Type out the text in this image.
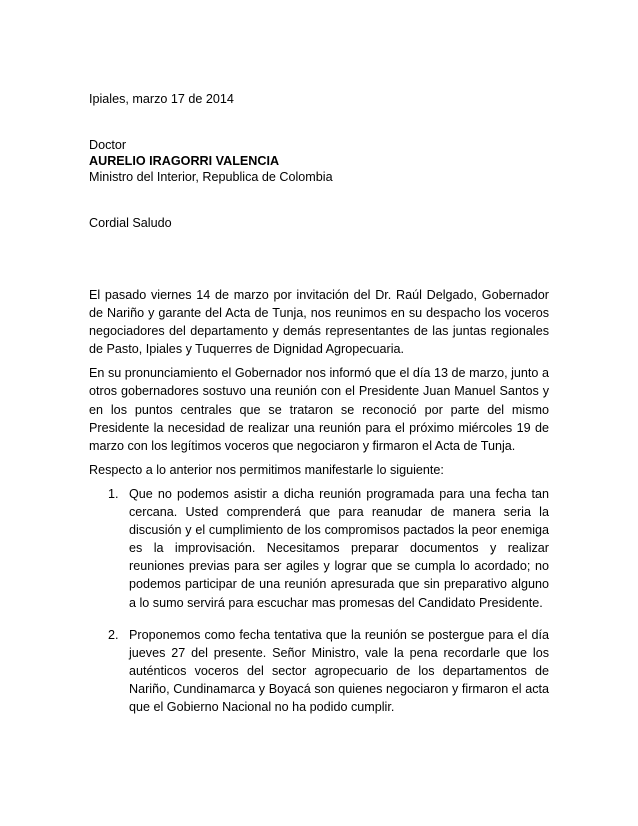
Ipiales, marzo 17 de 2014
Doctor
AURELIO IRAGORRI VALENCIA
Ministro del Interior, Republica de Colombia
Cordial Saludo

El pasado viernes 14 de marzo por invitación del Dr. Raúl Delgado, Gobernador de Nariño y garante del Acta de Tunja, nos reunimos en su despacho los voceros negociadores del departamento y demás representantes de las juntas regionales de Pasto, Ipiales y Tuquerres de Dignidad Agropecuaria.

En su pronunciamiento el Gobernador nos informó que el día 13 de marzo, junto a otros gobernadores sostuvo una reunión con el Presidente Juan Manuel Santos y en los puntos centrales que se trataron se reconoció por parte del mismo Presidente la necesidad de realizar una reunión para el próximo miércoles 19 de marzo con los legítimos voceros que negociaron y firmaron el Acta de Tunja.

Respecto a lo anterior nos permitimos manifestarle lo siguiente:

1. Que no podemos asistir a dicha reunión programada para una fecha tan cercana. Usted comprenderá que para reanudar de manera seria la discusión y el cumplimiento de los compromisos pactados la peor enemiga es la improvisación. Necesitamos preparar documentos y realizar reuniones previas para ser agiles y lograr que se cumpla lo acordado; no podemos participar de una reunión apresurada que sin preparativo alguno a lo sumo servirá para escuchar mas promesas del Candidato Presidente.
2. Proponemos como fecha tentativa que la reunión se postergue para el día jueves 27 del presente. Señor Ministro, vale la pena recordarle que los auténticos voceros del sector agropecuario de los departamentos de Nariño, Cundinamarca y Boyacá son quienes negociaron y firmaron el acta que el Gobierno Nacional no ha podido cumplir.
